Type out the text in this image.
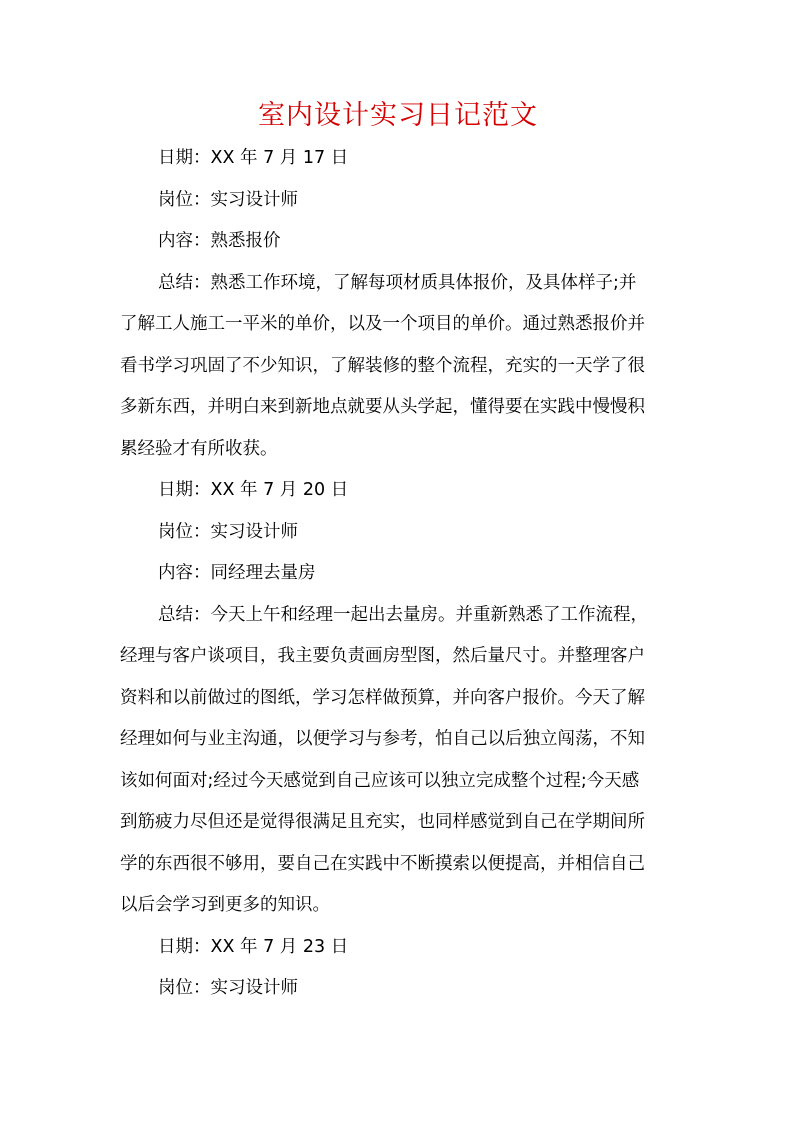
室内设计实习日记范文
日期：XX 年 7 月 17 日
岗位：实习设计师
内容：熟悉报价
总结：熟悉工作环境，了解每项材质具体报价，及具体样子;并
了解工人施工一平米的单价，以及一个项目的单价。通过熟悉报价并
看书学习巩固了不少知识，了解装修的整个流程，充实的一天学了很
多新东西，并明白来到新地点就要从头学起，懂得要在实践中慢慢积
累经验才有所收获。
日期：XX 年 7 月 20 日
岗位：实习设计师
内容：同经理去量房
总结：今天上午和经理一起出去量房。并重新熟悉了工作流程，
经理与客户谈项目，我主要负责画房型图，然后量尺寸。并整理客户
资料和以前做过的图纸，学习怎样做预算，并向客户报价。今天了解
经理如何与业主沟通，以便学习与参考，怕自己以后独立闯荡，不知
该如何面对;经过今天感觉到自己应该可以独立完成整个过程;今天感
到筋疲力尽但还是觉得很满足且充实，也同样感觉到自己在学期间所
学的东西很不够用，要自己在实践中不断摸索以便提高，并相信自己
以后会学习到更多的知识。
日期：XX 年 7 月 23 日
岗位：实习设计师
